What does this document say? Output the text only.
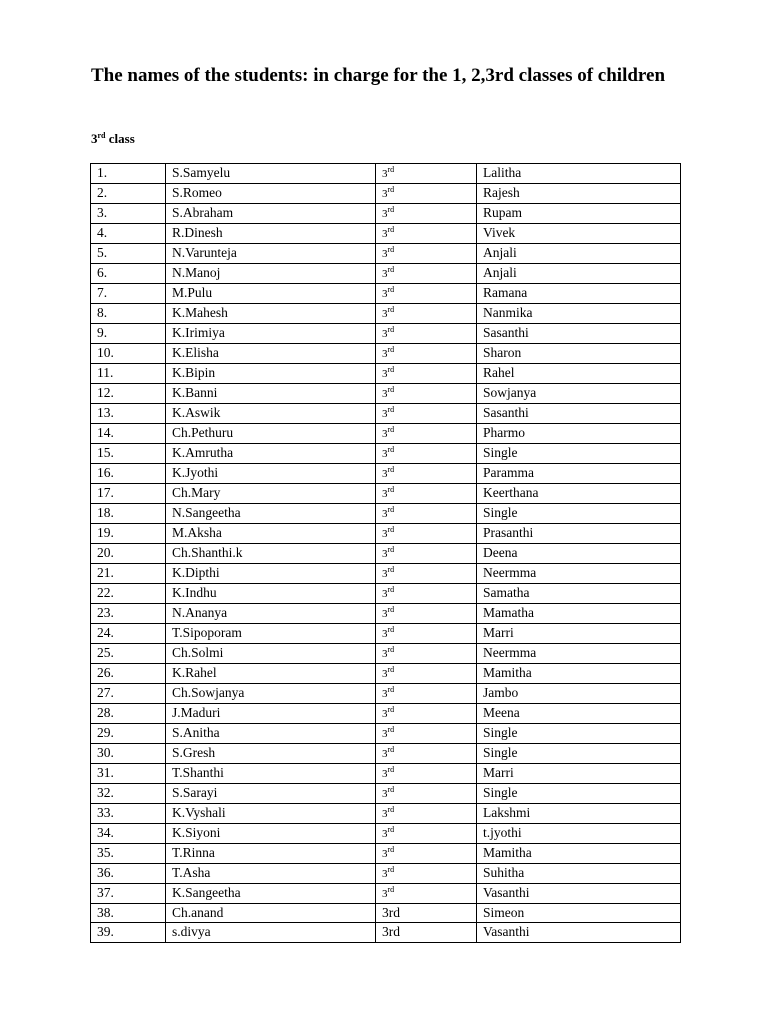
The names of the students: in charge for the 1, 2,3rd classes of children
3rd class
1.	S.Samyelu	3rd	Lalitha
2.	S.Romeo	3rd	Rajesh
3.	S.Abraham	3rd	Rupam
4.	R.Dinesh	3rd	Vivek
5.	N.Varunteja	3rd	Anjali
6.	N.Manoj	3rd	Anjali
7.	M.Pulu	3rd	Ramana
8.	K.Mahesh	3rd	Nanmika
9.	K.Irimiya	3rd	Sasanthi
10.	K.Elisha	3rd	Sharon
11.	K.Bipin	3rd	Rahel
12.	K.Banni	3rd	Sowjanya
13.	K.Aswik	3rd	Sasanthi
14.	Ch.Pethuru	3rd	Pharmo
15.	K.Amrutha	3rd	Single
16.	K.Jyothi	3rd	Paramma
17.	Ch.Mary	3rd	Keerthana
18.	N.Sangeetha	3rd	Single
19.	M.Aksha	3rd	Prasanthi
20.	Ch.Shanthi.k	3rd	Deena
21.	K.Dipthi	3rd	Neermma
22.	K.Indhu	3rd	Samatha
23.	N.Ananya	3rd	Mamatha
24.	T.Sipoporam	3rd	Marri
25.	Ch.Solmi	3rd	Neermma
26.	K.Rahel	3rd	Mamitha
27.	Ch.Sowjanya	3rd	Jambo
28.	J.Maduri	3rd	Meena
29.	S.Anitha	3rd	Single
30.	S.Gresh	3rd	Single
31.	T.Shanthi	3rd	Marri
32.	S.Sarayi	3rd	Single
33.	K.Vyshali	3rd	Lakshmi
34.	K.Siyoni	3rd	t.jyothi
35.	T.Rinna	3rd	Mamitha
36.	T.Asha	3rd	Suhitha
37.	K.Sangeetha	3rd	Vasanthi
38.	Ch.anand	3rd	Simeon
39.	s.divya	3rd	Vasanthi
